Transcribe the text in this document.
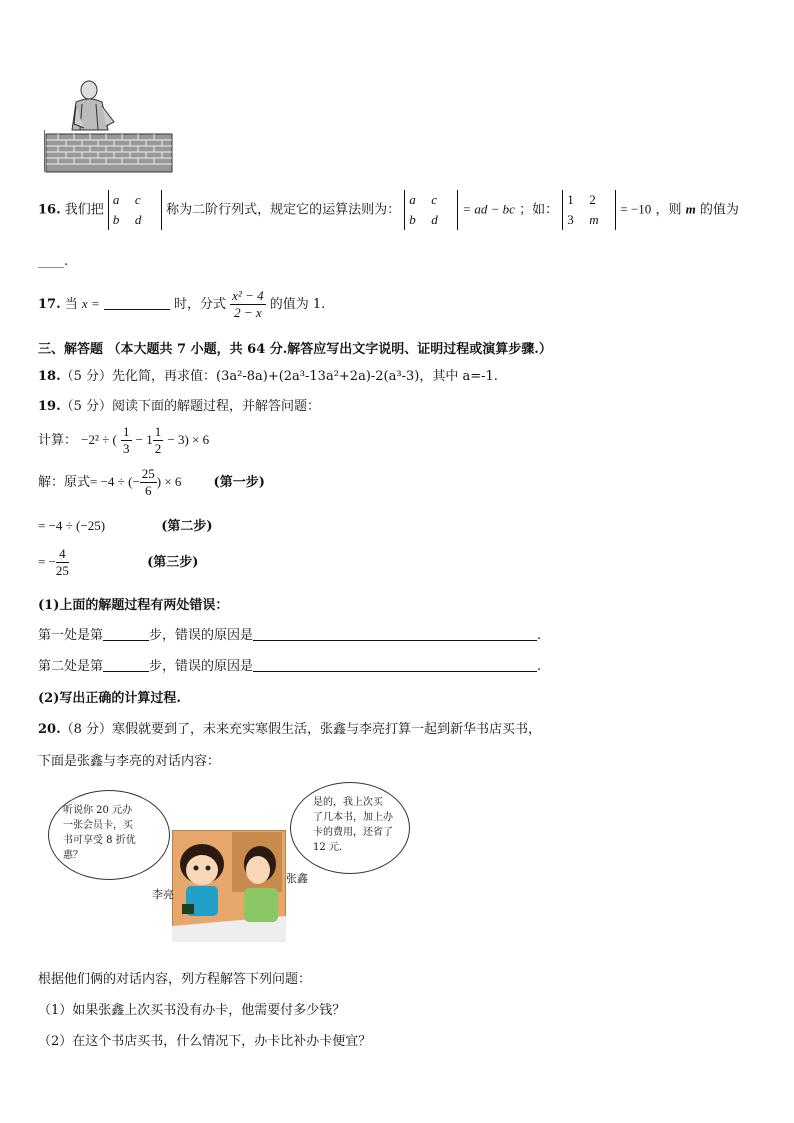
16. 我们把
a c
b d
称为二阶行列式，规定它的运算法则为：
a c
b d
= ad − bc ；如：
1 2
3 m
= −10 ，则 m 的值为
____.
17. 当 x =	时，分式 $\frac{\text{x² − 4}}{2 - x}$ 的值为 1.
三、解答题 （本大题共 7 小题，共 64 分.解答应写出文字说明、证明过程或演算步骤.）
18.（5 分）先化简，再求值：(3a²-8a)+(2a³-13a²+2a)-2(a³-3)，其中 a=-1.
19.（5 分）阅读下面的解题过程，并解答问题：
计算： −2² ÷ ( $\frac{1}{3} - 1 \frac{1}{2} - 3) \times 6$
解：原式= −4 ÷ (− $\frac{25}{6}$ ) × 6 (第一步)
= −4 ÷ (−25)	(第二步)
= − $\frac{4}{25}$	(第三步)
(1)上面的解题过程有两处错误：
第一处是第	步，错误的原因是	.
第二处是第	步，错误的原因是	.
(2)写出正确的计算过程.
20.（8 分）寒假就要到了，未来充实寒假生活，张鑫与李亮打算一起到新华书店买书，
下面是张鑫与李亮的对话内容：
听说你 20 元办
一张会员卡，买
书可享受 8 折优
惠？
是的，我上次买
了几本书，加上办
卡的费用，还省了
12 元.
李亮
张鑫
根据他们俩的对话内容，列方程解答下列问题：
（1）如果张鑫上次买书没有办卡，他需要付多少钱？
（2）在这个书店买书，什么情况下，办卡比补办卡便宜？
